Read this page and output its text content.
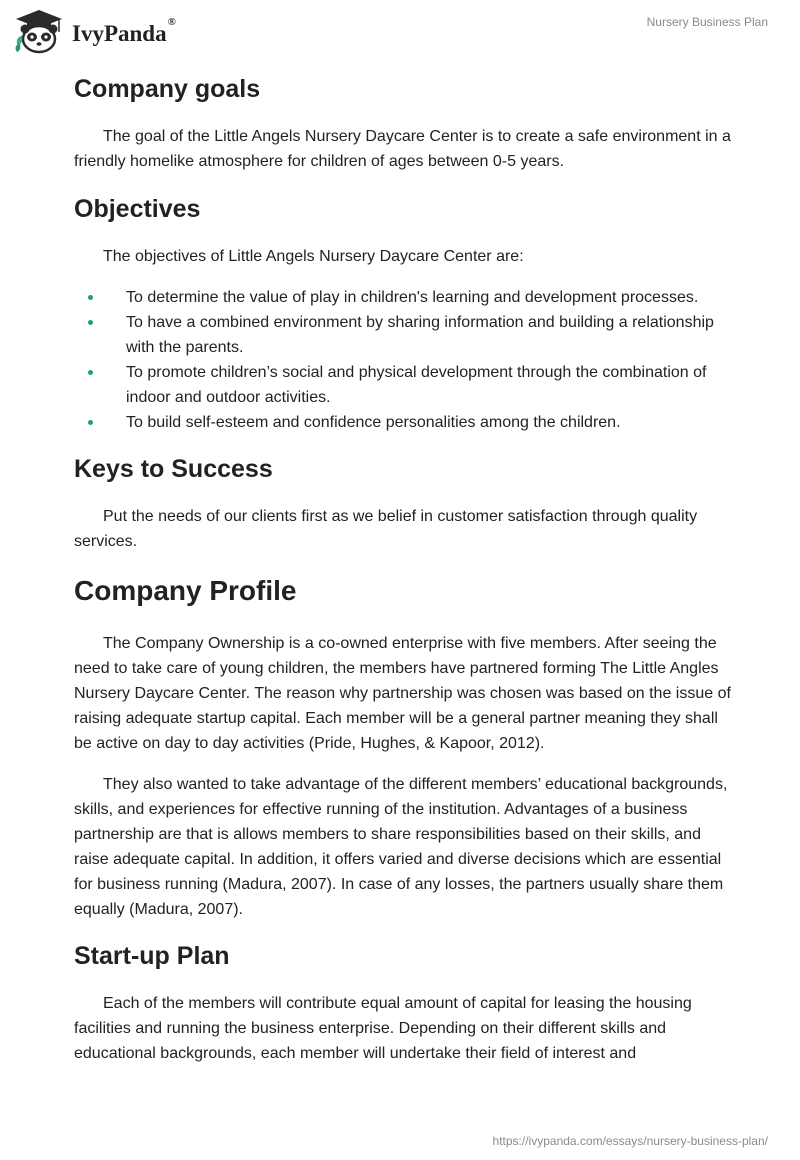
IvyPanda®	Nursery Business Plan
Company goals

The goal of the Little Angels Nursery Daycare Center is to create a safe environment in a friendly homelike atmosphere for children of ages between 0-5 years.

Objectives

The objectives of Little Angels Nursery Daycare Center are:

To determine the value of play in children's learning and development processes.
To have a combined environment by sharing information and building a relationship with the parents.
To promote children’s social and physical development through the combination of indoor and outdoor activities.
To build self-esteem and confidence personalities among the children.
Keys to Success

Put the needs of our clients first as we belief in customer satisfaction through quality services.

Company Profile

The Company Ownership is a co-owned enterprise with five members. After seeing the need to take care of young children, the members have partnered forming The Little Angles Nursery Daycare Center. The reason why partnership was chosen was based on the issue of raising adequate startup capital. Each member will be a general partner meaning they shall be active on day to day activities (Pride, Hughes, & Kapoor, 2012).

They also wanted to take advantage of the different members’ educational backgrounds, skills, and experiences for effective running of the institution. Advantages of a business partnership are that is allows members to share responsibilities based on their skills, and raise adequate capital. In addition, it offers varied and diverse decisions which are essential for business running (Madura, 2007). In case of any losses, the partners usually share them equally (Madura, 2007).

Start-up Plan

Each of the members will contribute equal amount of capital for leasing the housing facilities and running the business enterprise. Depending on their different skills and educational backgrounds, each member will undertake their field of interest and

https://ivypanda.com/essays/nursery-business-plan/
